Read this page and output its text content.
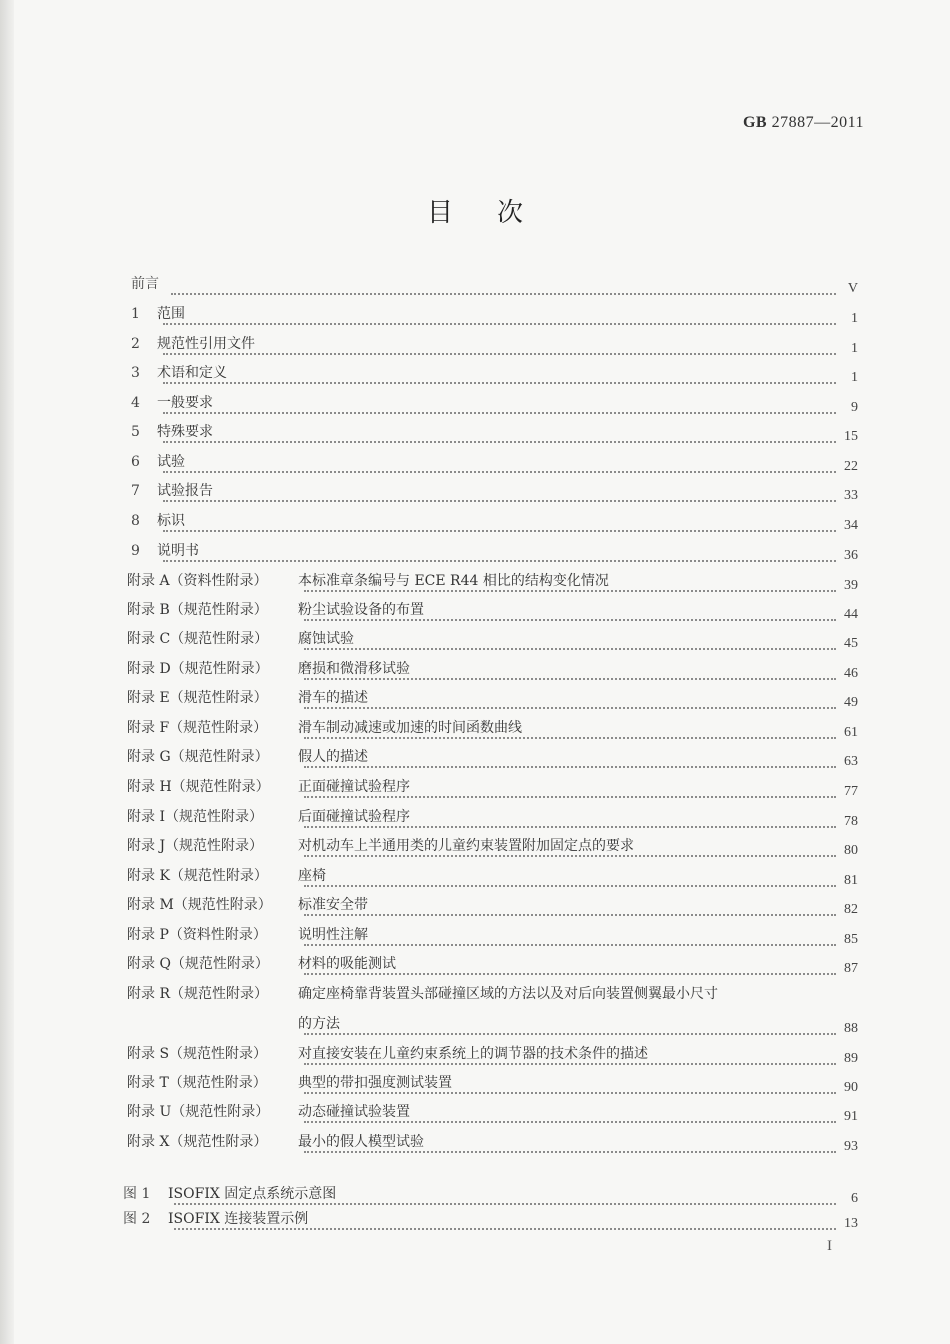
GB 27887—2011
目次
前言	V
1 范围	1
2 规范性引用文件	1
3 术语和定义	1
4 一般要求	9
5 特殊要求	15
6 试验	22
7 试验报告	33
8 标识	34
9 说明书	36
附录 A（资料性附录） 本标准章条编号与 ECE R44 相比的结构变化情况	39
附录 B（规范性附录） 粉尘试验设备的布置	44
附录 C（规范性附录） 腐蚀试验	45
附录 D（规范性附录） 磨损和微滑移试验	46
附录 E（规范性附录） 滑车的描述	49
附录 F（规范性附录） 滑车制动减速或加速的时间函数曲线	61
附录 G（规范性附录） 假人的描述	63
附录 H（规范性附录） 正面碰撞试验程序	77
附录 I（规范性附录）	后面碰撞试验程序	78
附录 J（规范性附录） 对机动车上半通用类的儿童约束装置附加固定点的要求	80
附录 K（规范性附录） 座椅	81
附录 M（规范性附录） 标准安全带	82
附录 P（资料性附录） 说明性注解	85
附录 Q（规范性附录） 材料的吸能测试	87
附录 R（规范性附录） 确定座椅靠背装置头部碰撞区域的方法以及对后向装置侧翼最小尺寸
的方法	88
附录 S（规范性附录） 对直接安装在儿童约束系统上的调节器的技术条件的描述	89
附录 T（规范性附录） 典型的带扣强度测试装置	90
附录 U（规范性附录） 动态碰撞试验装置	91
附录 X（规范性附录） 最小的假人模型试验	93
图 1 ISOFIX 固定点系统示意图	6
图 2 ISOFIX 连接装置示例	13
I
